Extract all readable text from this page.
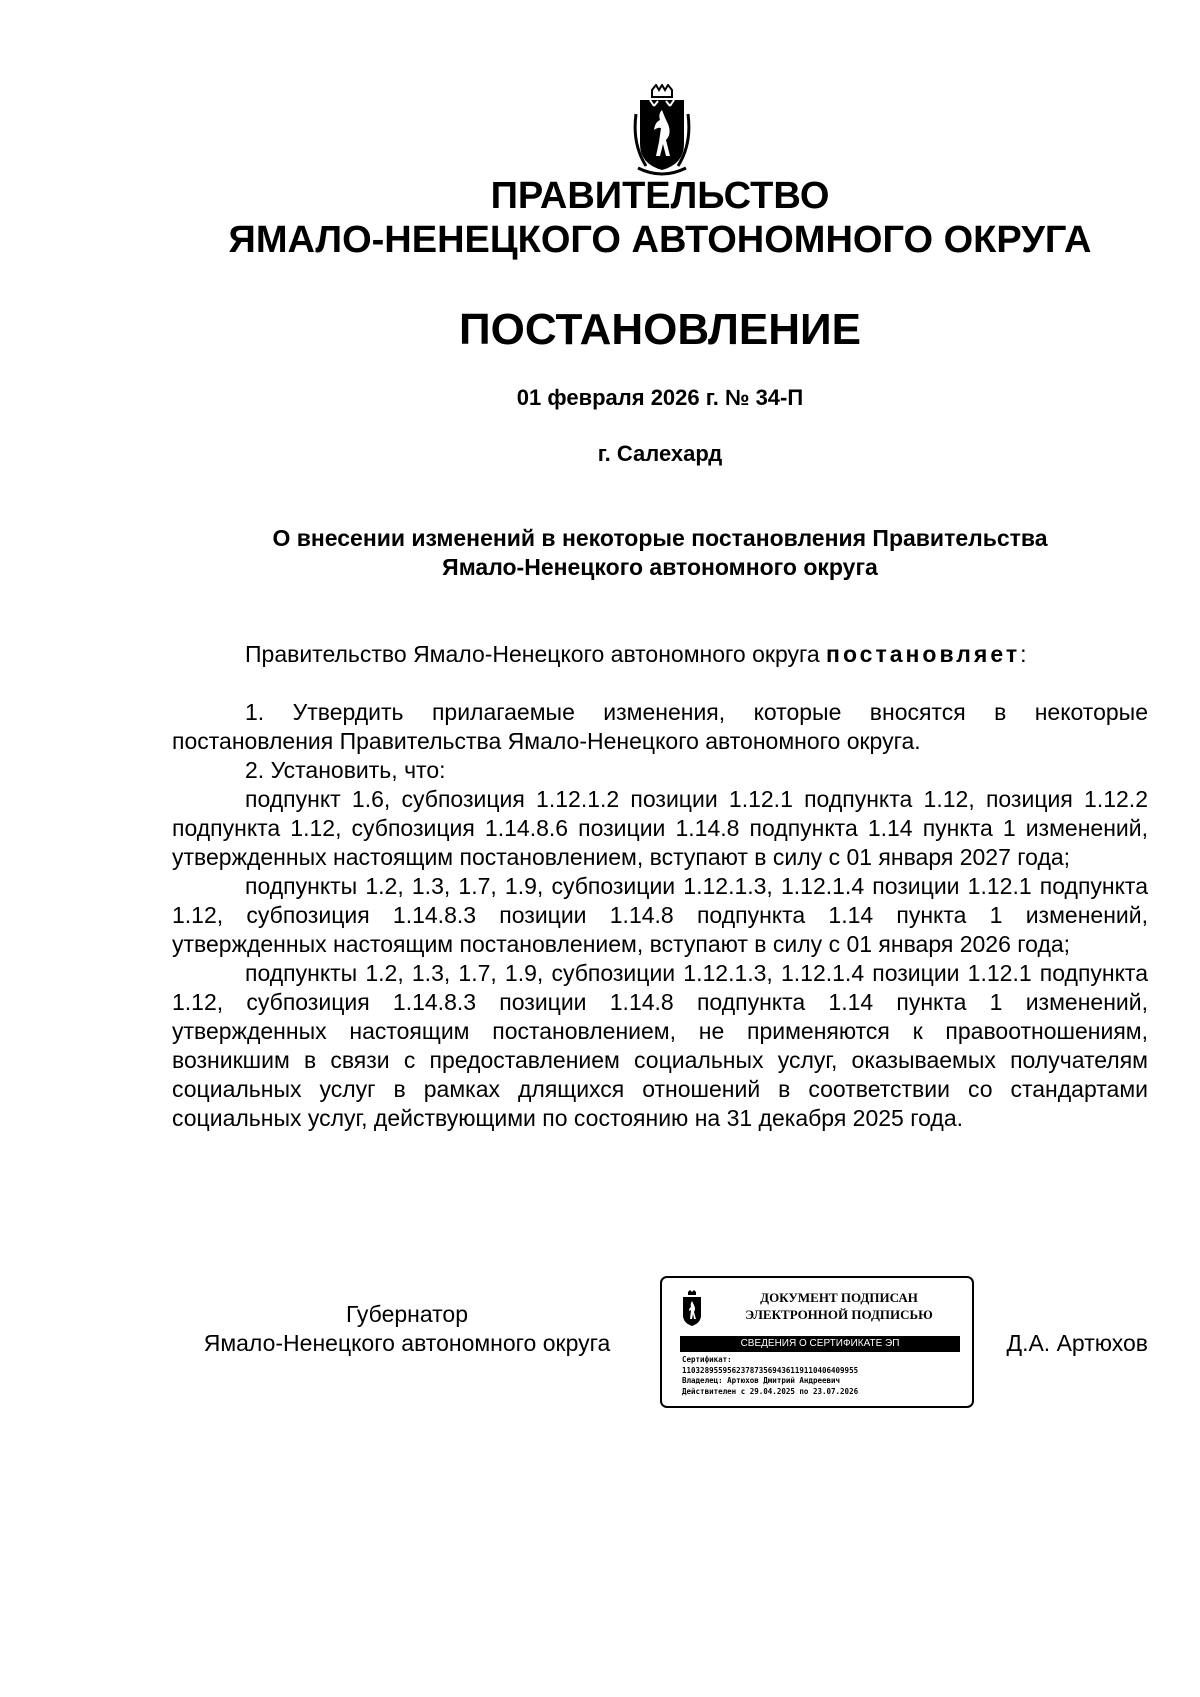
ПРАВИТЕЛЬСТВО
ЯМАЛО-НЕНЕЦКОГО АВТОНОМНОГО ОКРУГА
ПОСТАНОВЛЕНИЕ
01 февраля 2026 г. № 34-П
г. Салехард
О внесении изменений в некоторые постановления Правительства
Ямало-Ненецкого автономного округа

Правительство Ямало-Ненецкого автономного округа постановляет:

1. Утвердить прилагаемые изменения, которые вносятся в некоторые постановления Правительства Ямало-Ненецкого автономного округа.

2. Установить, что:

подпункт 1.6, субпозиция 1.12.1.2 позиции 1.12.1 подпункта 1.12, позиция 1.12.2 подпункта 1.12, субпозиция 1.14.8.6 позиции 1.14.8 подпункта 1.14 пункта 1 изменений, утвержденных настоящим постановлением, вступают в силу с 01 января 2027 года;

подпункты 1.2, 1.3, 1.7, 1.9, субпозиции 1.12.1.3, 1.12.1.4 позиции 1.12.1 подпункта 1.12, субпозиция 1.14.8.3 позиции 1.14.8 подпункта 1.14 пункта 1 изменений, утвержденных настоящим постановлением, вступают в силу с 01 января 2026 года;

подпункты 1.2, 1.3, 1.7, 1.9, субпозиции 1.12.1.3, 1.12.1.4 позиции 1.12.1 подпункта 1.12, субпозиция 1.14.8.3 позиции 1.14.8 подпункта 1.14 пункта 1 изменений, утвержденных настоящим постановлением, не применяются к правоотношениям, возникшим в связи с предоставлением социальных услуг, оказываемых получателям социальных услуг в рамках длящихся отношений в соответствии со стандартами социальных услуг, действующими по состоянию на 31 декабря 2025 года.

Губернатор
Ямало-Ненецкого автономного округа
ДОКУМЕНТ ПОДПИСАН
ЭЛЕКТРОННОЙ ПОДПИСЬЮ
СВЕДЕНИЯ О СЕРТИФИКАТЕ ЭП
Сертификат:
110328955956237873569436119110406409955
Владелец: Артюхов Дмитрий Андреевич
Действителен с 29.04.2025 по 23.07.2026
Д.А. Артюхов
